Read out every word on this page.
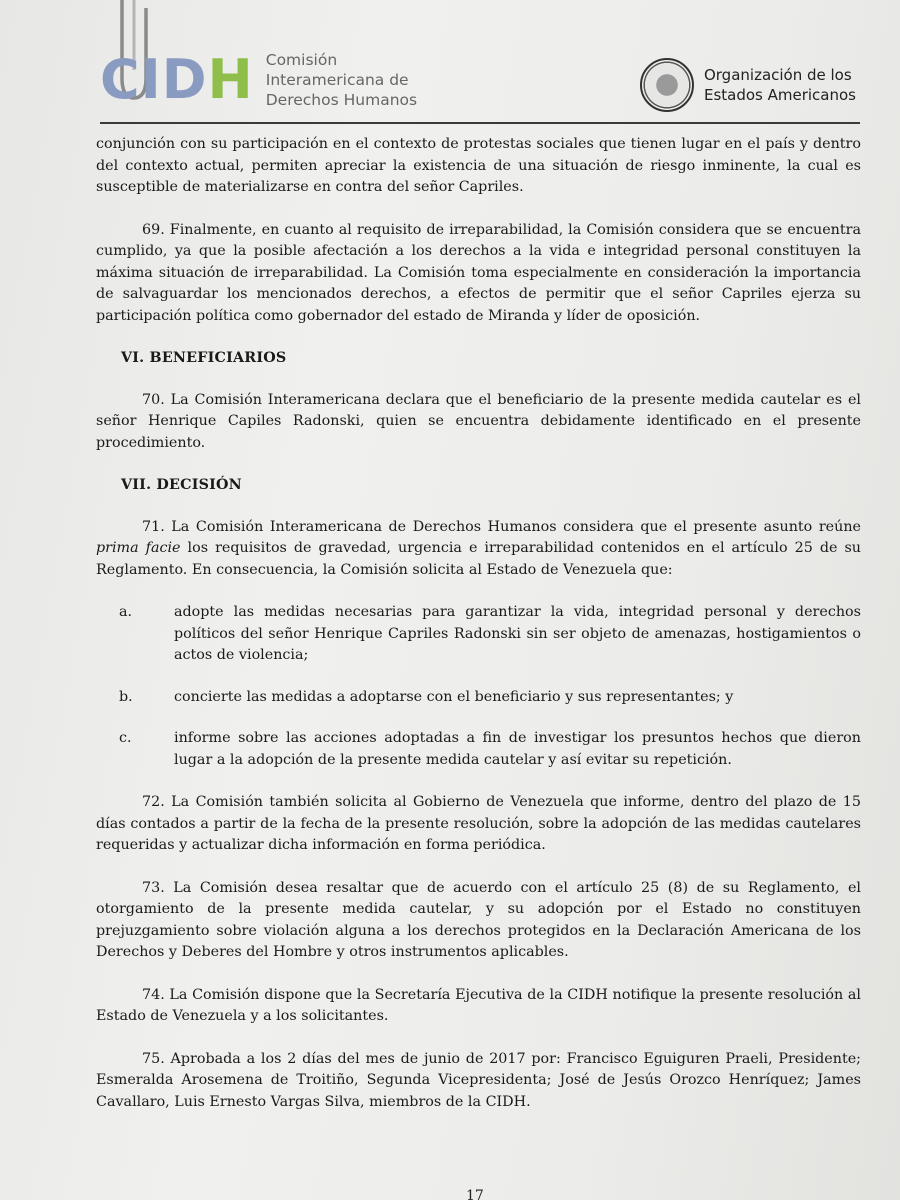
CIDH Comisión
Interamericana de
Derechos Humanos
Organización de los
Estados Americanos

conjunción con su participación en el contexto de protestas sociales que tienen lugar en el país y dentro del contexto actual, permiten apreciar la existencia de una situación de riesgo inminente, la cual es susceptible de materializarse en contra del señor Capriles.

69. Finalmente, en cuanto al requisito de irreparabilidad, la Comisión considera que se encuentra cumplido, ya que la posible afectación a los derechos a la vida e integridad personal constituyen la máxima situación de irreparabilidad. La Comisión toma especialmente en consideración la importancia de salvaguardar los mencionados derechos, a efectos de permitir que el señor Capriles ejerza su participación política como gobernador del estado de Miranda y líder de oposición.

VI. BENEFICIARIOS

70. La Comisión Interamericana declara que el beneficiario de la presente medida cautelar es el señor Henrique Capiles Radonski, quien se encuentra debidamente identificado en el presente procedimiento.

VII. DECISIÓN

71. La Comisión Interamericana de Derechos Humanos considera que el presente asunto reúne prima facie los requisitos de gravedad, urgencia e irreparabilidad contenidos en el artículo 25 de su Reglamento. En consecuencia, la Comisión solicita al Estado de Venezuela que:

a.	adopte las medidas necesarias para garantizar la vida, integridad personal y derechos políticos del señor Henrique Capriles Radonski sin ser objeto de amenazas, hostigamientos o actos de violencia;
b.	concierte las medidas a adoptarse con el beneficiario y sus representantes; y
c.	informe sobre las acciones adoptadas a fin de investigar los presuntos hechos que dieron lugar a la adopción de la presente medida cautelar y así evitar su repetición.

72. La Comisión también solicita al Gobierno de Venezuela que informe, dentro del plazo de 15 días contados a partir de la fecha de la presente resolución, sobre la adopción de las medidas cautelares requeridas y actualizar dicha información en forma periódica.

73. La Comisión desea resaltar que de acuerdo con el artículo 25 (8) de su Reglamento, el otorgamiento de la presente medida cautelar, y su adopción por el Estado no constituyen prejuzgamiento sobre violación alguna a los derechos protegidos en la Declaración Americana de los Derechos y Deberes del Hombre y otros instrumentos aplicables.

74. La Comisión dispone que la Secretaría Ejecutiva de la CIDH notifique la presente resolución al Estado de Venezuela y a los solicitantes.

75. Aprobada a los 2 días del mes de junio de 2017 por: Francisco Eguiguren Praeli, Presidente; Esmeralda Arosemena de Troitiño, Segunda Vicepresidenta; José de Jesús Orozco Henríquez; James Cavallaro, Luis Ernesto Vargas Silva, miembros de la CIDH.

17
